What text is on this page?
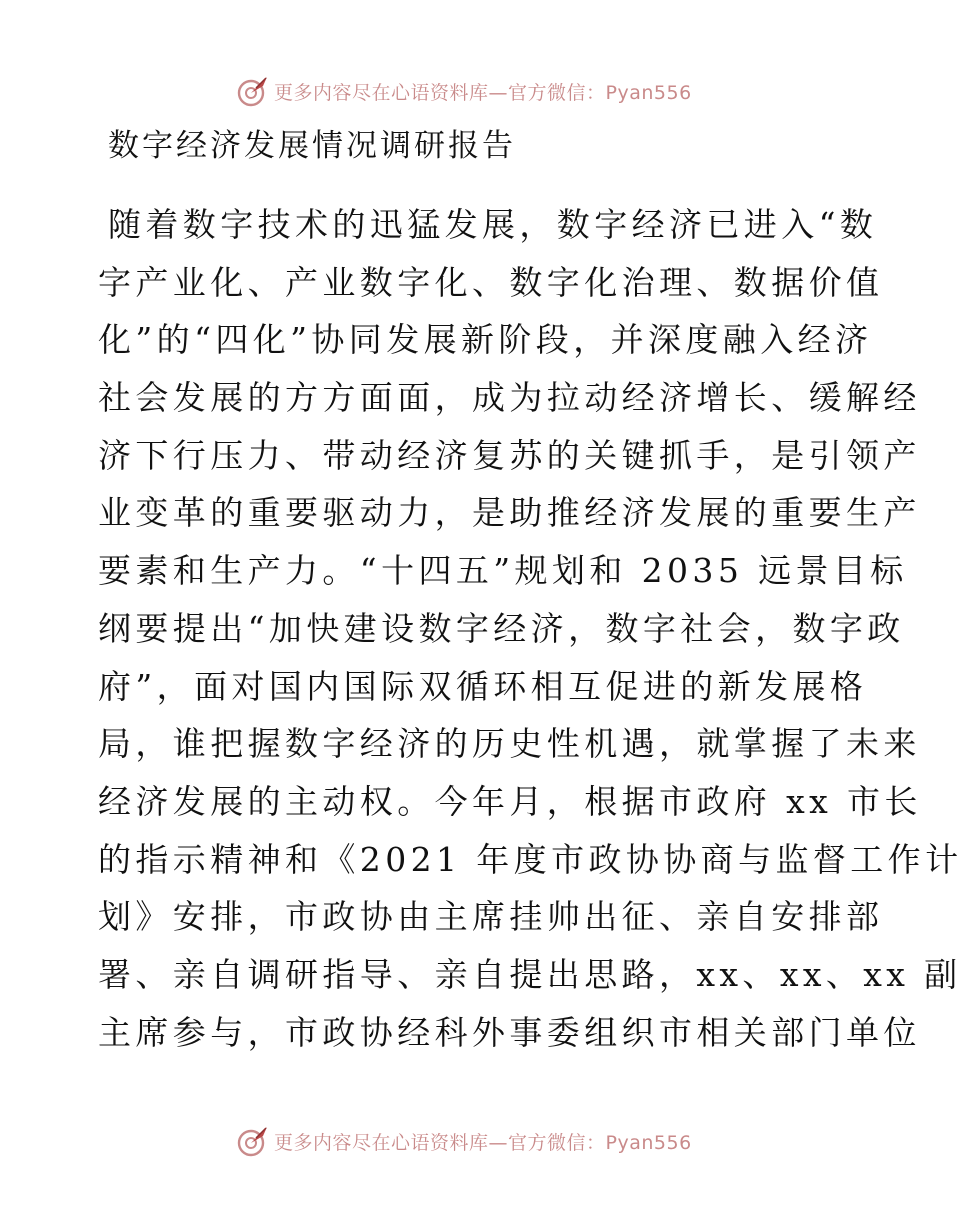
更多内容尽在心语资料库—官方微信：Pyan556
数字经济发展情况调研报告
随着数字技术的迅猛发展，数字经济已进入“数
字产业化、产业数字化、数字化治理、数据价值
化”的“四化”协同发展新阶段，并深度融入经济
社会发展的方方面面，成为拉动经济增长、缓解经
济下行压力、带动经济复苏的关键抓手，是引领产
业变革的重要驱动力，是助推经济发展的重要生产
要素和生产力。“十四五”规划和 2035 远景目标
纲要提出“加快建设数字经济，数字社会，数字政
府”，面对国内国际双循环相互促进的新发展格
局，谁把握数字经济的历史性机遇，就掌握了未来
经济发展的主动权。今年月，根据市政府 xx 市长
的指示精神和《2021 年度市政协协商与监督工作计
划》安排，市政协由主席挂帅出征、亲自安排部
署、亲自调研指导、亲自提出思路，xx、xx、xx 副
主席参与，市政协经科外事委组织市相关部门单位
更多内容尽在心语资料库—官方微信：Pyan556
